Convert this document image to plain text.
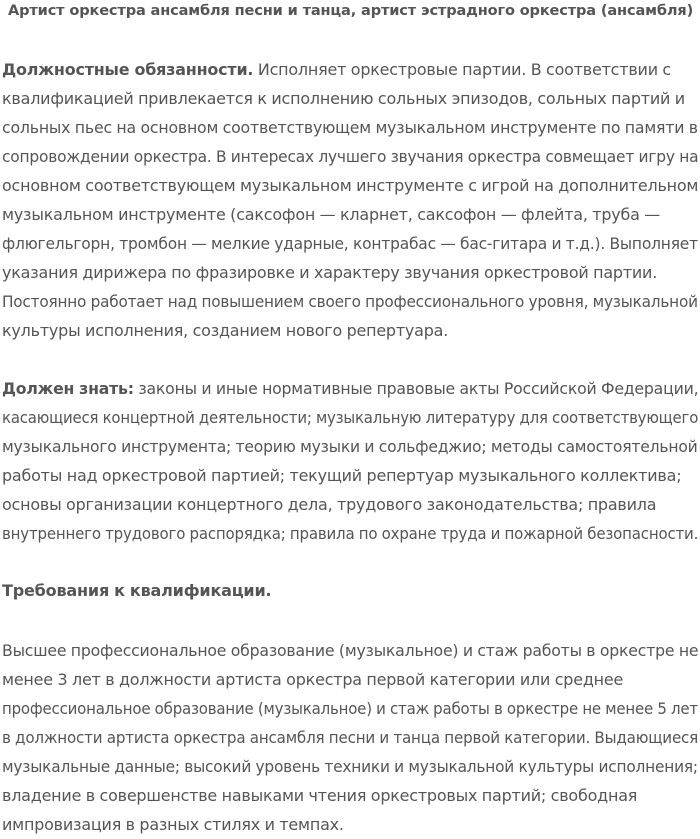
Артист оркестра ансамбля песни и танца, артист эстрадного оркестра (ансамбля)

Должностные обязанности. Исполняет оркестровые партии. В соответствии с
квалификацией привлекается к исполнению сольных эпизодов, сольных партий и
сольных пьес на основном соответствующем музыкальном инструменте по памяти в
сопровождении оркестра. В интересах лучшего звучания оркестра совмещает игру на
основном соответствующем музыкальном инструменте с игрой на дополнительном
музыкальном инструменте (саксофон — кларнет, саксофон — флейта, труба —
флюгельгорн, тромбон — мелкие ударные, контрабас — бас-гитара и т.д.). Выполняет
указания дирижера по фразировке и характеру звучания оркестровой партии.
Постоянно работает над повышением своего профессионального уровня, музыкальной
культуры исполнения, созданием нового репертуара.

Должен знать: законы и иные нормативные правовые акты Российской Федерации,
касающиеся концертной деятельности; музыкальную литературу для соответствующего
музыкального инструмента; теорию музыки и сольфеджио; методы самостоятельной
работы над оркестровой партией; текущий репертуар музыкального коллектива;
основы организации концертного дела, трудового законодательства; правила
внутреннего трудового распорядка; правила по охране труда и пожарной безопасности.

Требования к квалификации.

Высшее профессиональное образование (музыкальное) и стаж работы в оркестре не
менее 3 лет в должности артиста оркестра первой категории или среднее
профессиональное образование (музыкальное) и стаж работы в оркестре не менее 5 лет
в должности артиста оркестра ансамбля песни и танца первой категории. Выдающиеся
музыкальные данные; высокий уровень техники и музыкальной культуры исполнения;
владение в совершенстве навыками чтения оркестровых партий; свободная
импровизация в разных стилях и темпах.
